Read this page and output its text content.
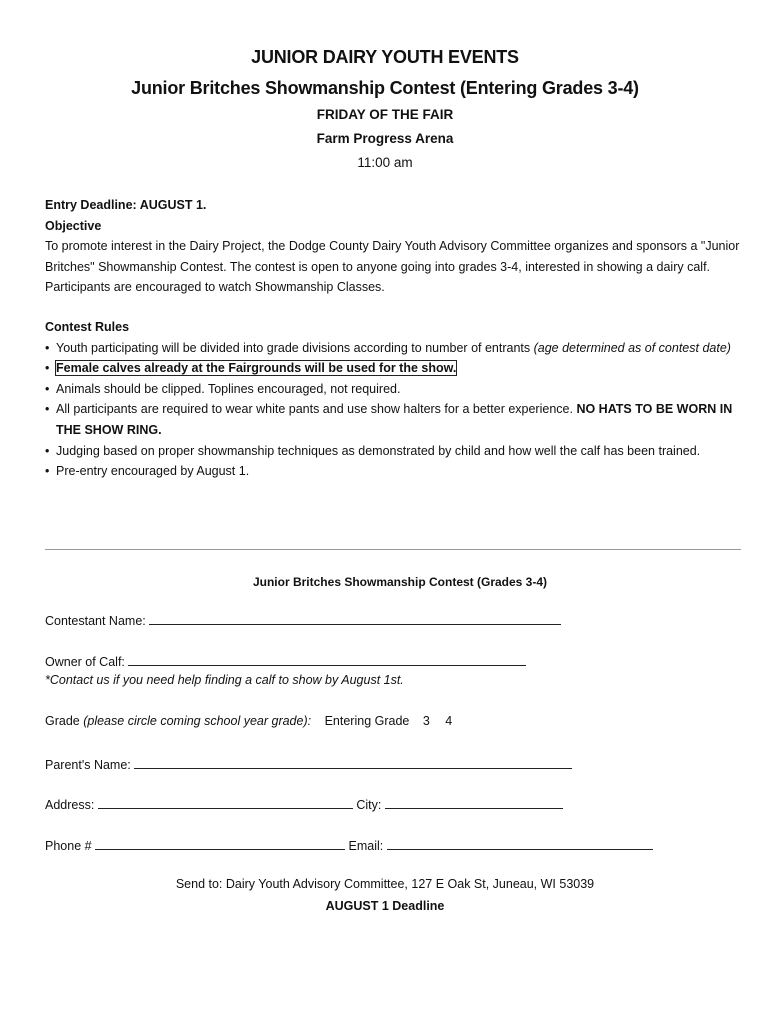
JUNIOR DAIRY YOUTH EVENTS
Junior Britches Showmanship Contest (Entering Grades 3-4)
FRIDAY OF THE FAIR
Farm Progress Arena
11:00 am
Entry Deadline: AUGUST 1.
Objective
To promote interest in the Dairy Project, the Dodge County Dairy Youth Advisory Committee organizes and sponsors a "Junior Britches" Showmanship Contest. The contest is open to anyone going into grades 3-4, interested in showing a dairy calf. Participants are encouraged to watch Showmanship Classes.
Contest Rules
• Youth participating will be divided into grade divisions according to number of entrants (age determined as of contest date)
• Female calves already at the Fairgrounds will be used for the show.
• Animals should be clipped. Toplines encouraged, not required.
• All participants are required to wear white pants and use show halters for a better experience. NO HATS TO BE WORN IN THE SHOW RING.
• Judging based on proper showmanship techniques as demonstrated by child and how well the calf has been trained.
• Pre-entry encouraged by August 1.
Junior Britches Showmanship Contest (Grades 3-4)
Contestant Name:
Owner of Calf:
*Contact us if you need help finding a calf to show by August 1st.
Grade (please circle coming school year grade): Entering Grade 3 4
Parent's Name:
Address:	City:
Phone #	Email:
Send to: Dairy Youth Advisory Committee, 127 E Oak St, Juneau, WI 53039
AUGUST 1 Deadline
